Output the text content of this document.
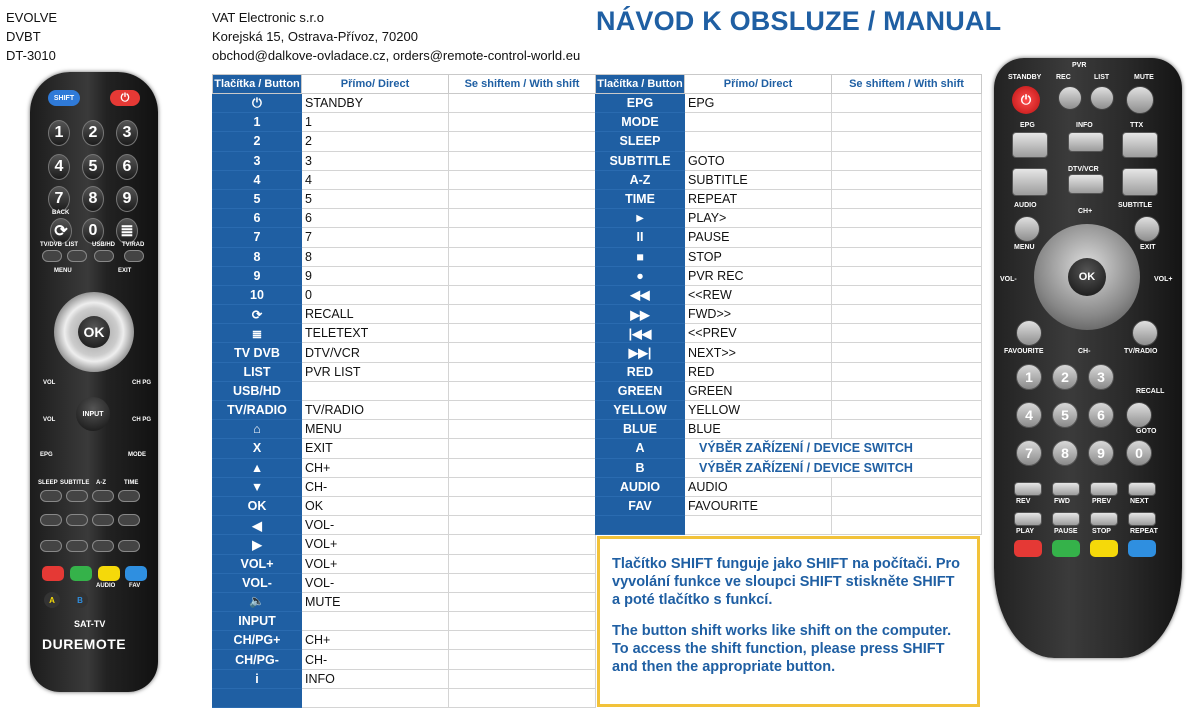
EVOLVE
DVBT
DT-3010
VAT Electronic s.r.o
Korejská 15, Ostrava-Přívoz, 70200
obchod@dalkove-ovladace.cz, orders@remote-control-world.eu
NÁVOD K OBSLUZE / MANUAL
SHIFT	⏻
1	2	3
4	5	6
7	8	9
0
BACK
⟳	≣
TV/DVB LIST USB/HD TV/RAD
MENU	EXIT
OK
VOL
INPUT
VOL
CH PG
CH PG
EPG	MODE
SLEEP SUBTITLE A-Z	TIME
AUDIO FAV
A	B
SAT-TV
DUREMOTE
Tlačítka / Button	Přímo/ Direct	Se shiftem / With shift
⏻	STANDBY	
1	1	
2	2	
3	3	
4	4	
5	5	
6	6	
7	7	
8	8	
9	9	
10	0	
⟳	RECALL	
≣	TELETEXT	
TV DVB	DTV/VCR	
LIST	PVR LIST	
USB/HD		
TV/RADIO	TV/RADIO	
⌂	MENU	
X	EXIT	
▲	CH+	
▼	CH-	
OK	OK	
◀	VOL-	
▶	VOL+	
VOL+	VOL+	
VOL-	VOL-	
🔈	MUTE	
INPUT		
CH/PG+	CH+	
CH/PG-	CH-	
i	INFO	

Tlačítka / Button	Přímo/ Direct	Se shiftem / With shift
EPG	EPG	
MODE		
SLEEP		
SUBTITLE	GOTO	
A-Z	SUBTITLE	
TIME	REPEAT	
►	PLAY>	
II	PAUSE	
■	STOP	
●	PVR REC	
◀◀	<<REW	
▶▶	FWD>>	
|◀◀	<<PREV	
▶▶|	NEXT>>	
RED	RED	
GREEN	GREEN	
YELLOW	YELLOW	
BLUE	BLUE	
A	VÝBĚR ZAŘÍZENÍ / DEVICE SWITCH	
B	VÝBĚR ZAŘÍZENÍ / DEVICE SWITCH	
AUDIO	AUDIO	
FAV	FAVOURITE	

Tlačítko SHIFT funguje jako SHIFT na počítači. Pro vyvolání funkce ve sloupci SHIFT stiskněte SHIFT a poté tlačítko s funkcí.

The button shift works like shift on the computer. To access the shift function, please press SHIFT and then the appropriate button.

STANDBY
PVR
REC	LIST	MUTE
EPG	INFO	TTX
DTV/VCR
AUDIO	SUBTITLE
CH+
MENU	EXIT
VOL-	VOL+
FAVOURITE	CH-	TV/RADIO
RECALL
GOTO
⏻
OK
1	2	3
4	5	6
7	8	9	0
REV
PLAY
FWD
PAUSE
PREV
STOP
NEXT
REPEAT
